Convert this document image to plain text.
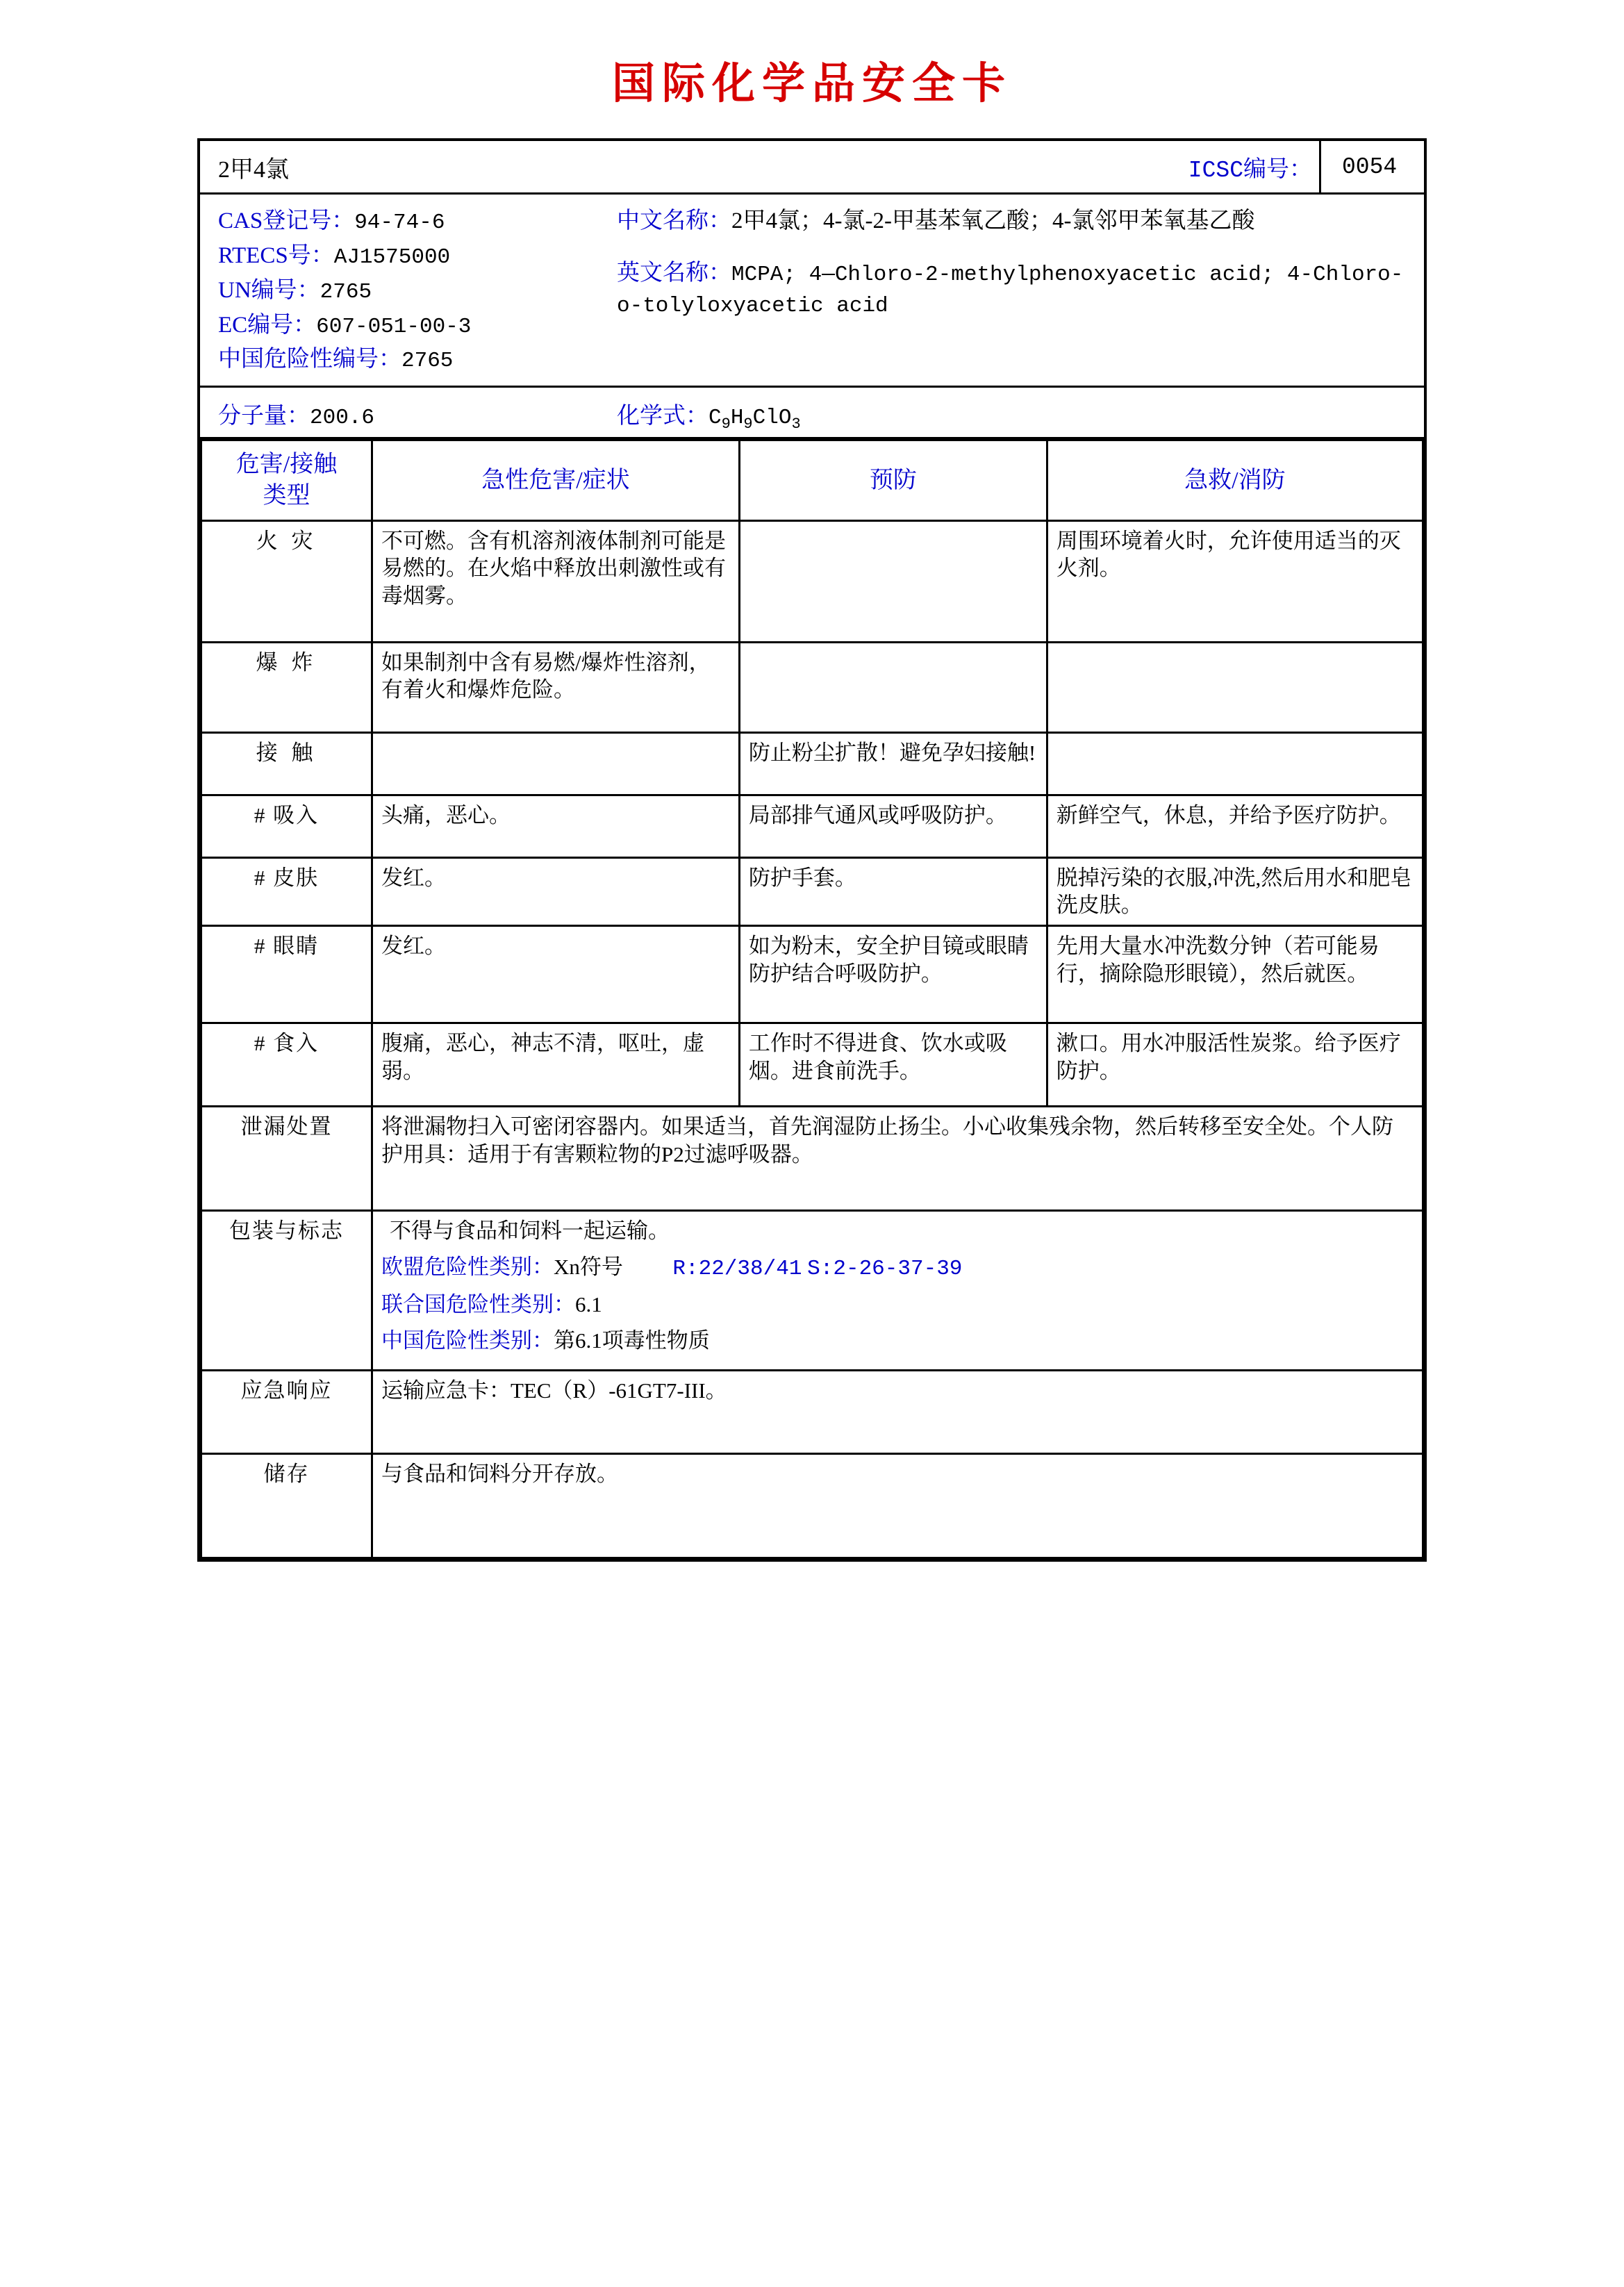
国际化学品安全卡
2甲4氯	ICSC编号：	0054
CAS登记号：94-74-6
RTECS号：AJ1575000
UN编号：2765
EC编号：607-051-00-3
中国危险性编号：2765
中文名称：2甲4氯；4-氯-2-甲基苯氧乙酸；4-氯邻甲苯氧基乙酸
英文名称：MCPA; 4—Chloro-2-methylphenoxyacetic acid; 4-Chloro-o-tolyloxyacetic acid
分子量：200.6	化学式：$C_9H_9ClO_3$
危害/接触
类型	急性危害/症状	预防	急救/消防
火 灾	不可燃。含有机溶剂液体制剂可能是易燃的。在火焰中释放出刺激性或有毒烟雾。		周围环境着火时，允许使用适当的灭火剂。
爆 炸	如果制剂中含有易燃/爆炸性溶剂，有着火和爆炸危险。		
接 触		防止粉尘扩散！避免孕妇接触!	
# 吸入	头痛，恶心。	局部排气通风或呼吸防护。	新鲜空气，休息，并给予医疗防护。
# 皮肤	发红。	防护手套。	脱掉污染的衣服,冲洗,然后用水和肥皂洗皮肤。
# 眼睛	发红。	如为粉末，安全护目镜或眼睛防护结合呼吸防护。	先用大量水冲洗数分钟（若可能易行，摘除隐形眼镜），然后就医。
# 食入	腹痛，恶心，神志不清，呕吐，虚弱。	工作时不得进食、饮水或吸烟。进食前洗手。	漱口。用水冲服活性炭浆。给予医疗防护。
泄漏处置	将泄漏物扫入可密闭容器内。如果适当，首先润湿防止扬尘。小心收集残余物，然后转移至安全处。个人防护用具：适用于有害颗粒物的P2过滤呼吸器。		
包装与标志	不得与食品和饲料一起运输。
欧盟危险性类别：Xn符号 R:22/38/41 S:2-26-37-39
联合国危险性类别：6.1
中国危险性类别：第6.1项毒性物质		

应急响应	运输应急卡：TEC（R）-61GT7-III。		
储存	与食品和饲料分开存放。		
